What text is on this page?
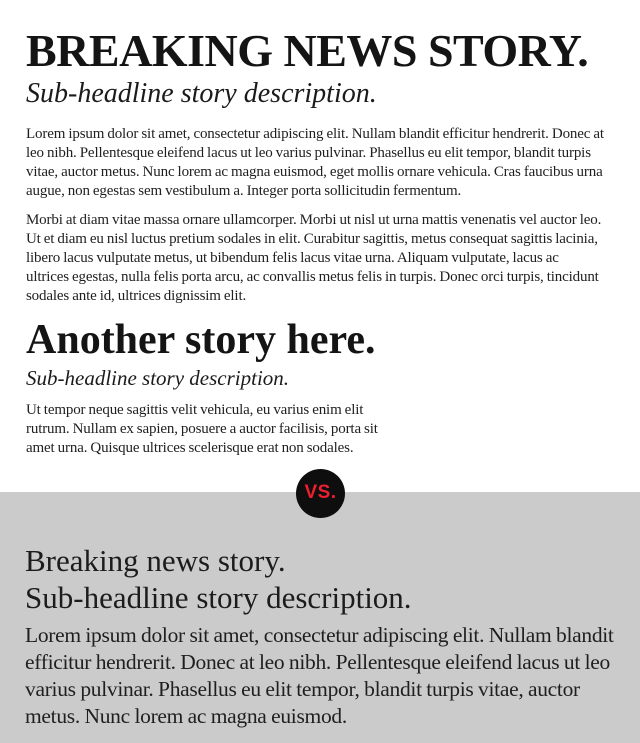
BREAKING NEWS STORY.
Sub-headline story description.

Lorem ipsum dolor sit amet, consectetur adipiscing elit. Nullam blandit efficitur hendrerit. Donec at leo nibh. Pellentesque eleifend lacus ut leo varius pulvinar. Phasellus eu elit tempor, blandit turpis vitae, auctor metus. Nunc lorem ac magna euismod, eget mollis ornare vehicula. Cras faucibus urna augue, non egestas sem vestibulum a. Integer porta sollicitudin fermentum.

Morbi at diam vitae massa ornare ullamcorper. Morbi ut nisl ut urna mattis venenatis vel auctor leo. Ut et diam eu nisl luctus pretium sodales in elit. Curabitur sagittis, metus consequat sagittis lacinia, libero lacus vulputate metus, ut bibendum felis lacus vitae urna. Aliquam vulputate, lacus ac ultrices egestas, nulla felis porta arcu, ac convallis metus felis in turpis. Donec orci turpis, tincidunt sodales ante id, ultrices dignissim elit.

Another story here.
Sub-headline story description.

Ut tempor neque sagittis velit vehicula, eu varius enim elit rutrum. Nullam ex sapien, posuere a auctor facilisis, porta sit amet urna. Quisque ultrices scelerisque erat non sodales.

VS.

Breaking news story.

Sub-headline story description.

Lorem ipsum dolor sit amet, consectetur adipiscing elit. Nullam blandit efficitur hendrerit. Donec at leo nibh. Pellentesque eleifend lacus ut leo varius pulvinar. Phasellus eu elit tempor, blandit turpis vitae, auctor metus. Nunc lorem ac magna euismod.
